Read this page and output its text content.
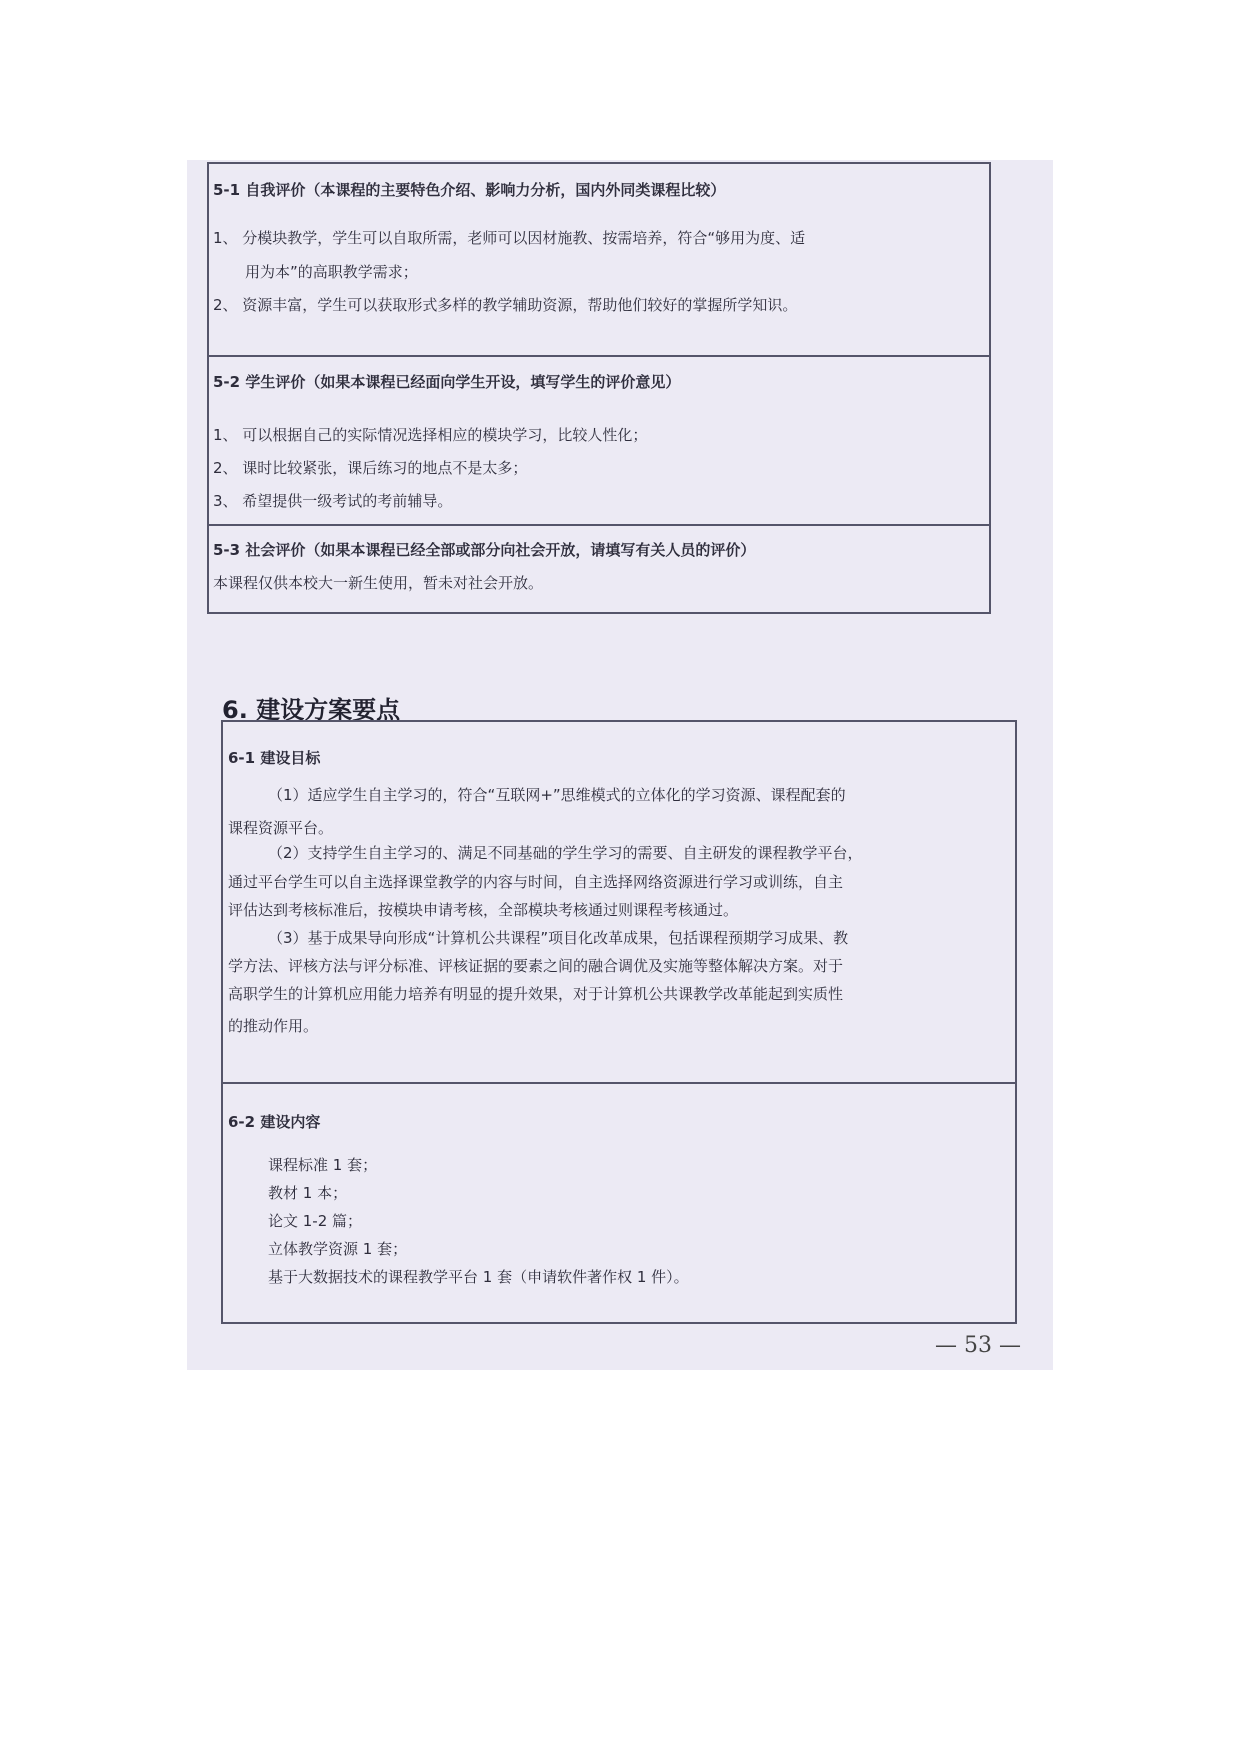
5-1 自我评价（本课程的主要特色介绍、影响力分析，国内外同类课程比较）
1、 分模块教学，学生可以自取所需，老师可以因材施教、按需培养，符合“够用为度、适
用为本”的高职教学需求；
2、 资源丰富，学生可以获取形式多样的教学辅助资源，帮助他们较好的掌握所学知识。
5-2 学生评价（如果本课程已经面向学生开设，填写学生的评价意见）
1、 可以根据自己的实际情况选择相应的模块学习，比较人性化；
2、 课时比较紧张，课后练习的地点不是太多；
3、 希望提供一级考试的考前辅导。
5-3 社会评价（如果本课程已经全部或部分向社会开放，请填写有关人员的评价）
本课程仅供本校大一新生使用，暂未对社会开放。
6. 建设方案要点
6-1 建设目标
（1）适应学生自主学习的，符合“互联网+”思维模式的立体化的学习资源、课程配套的
课程资源平台。
（2）支持学生自主学习的、满足不同基础的学生学习的需要、自主研发的课程教学平台，
通过平台学生可以自主选择课堂教学的内容与时间，自主选择网络资源进行学习或训练，自主
评估达到考核标准后，按模块申请考核，全部模块考核通过则课程考核通过。
（3）基于成果导向形成“计算机公共课程”项目化改革成果，包括课程预期学习成果、教
学方法、评核方法与评分标准、评核证据的要素之间的融合调优及实施等整体解决方案。对于
高职学生的计算机应用能力培养有明显的提升效果，对于计算机公共课教学改革能起到实质性
的推动作用。
6-2 建设内容
课程标准 1 套；
教材 1 本；
论文 1-2 篇；
立体教学资源 1 套；
基于大数据技术的课程教学平台 1 套（申请软件著作权 1 件）。
— 53 —
